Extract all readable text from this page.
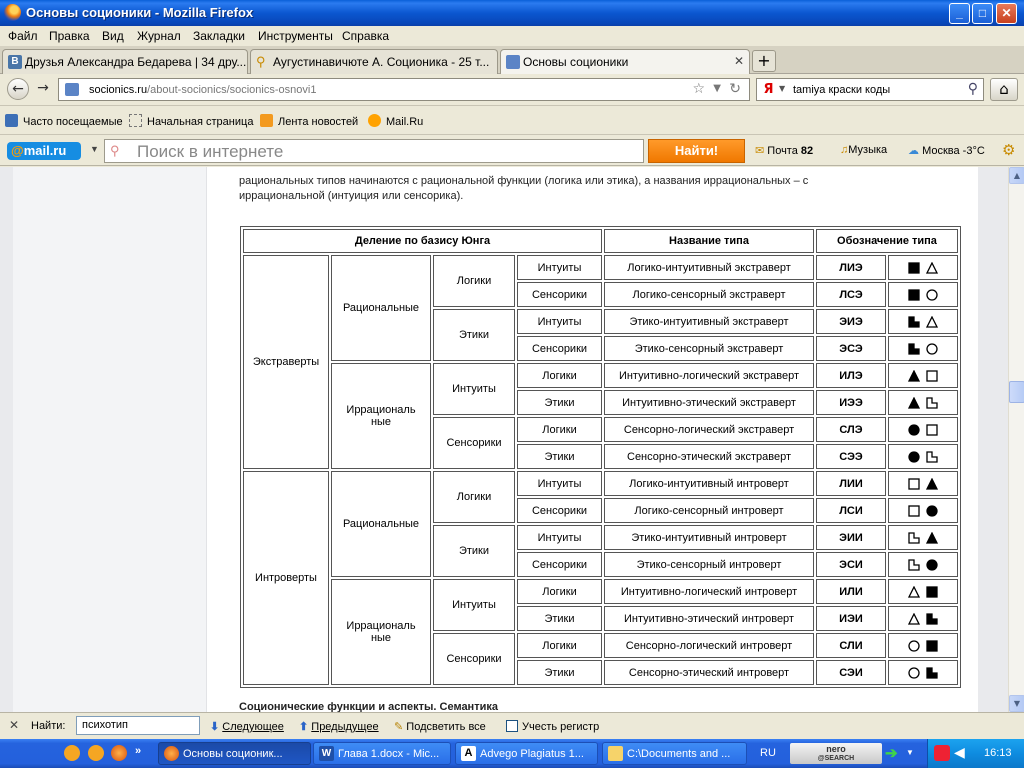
Основы соционики - Mozilla Firefox	_	□	✕
Файл Правка Вид Журнал Закладки Инструменты Справка
В Друзья Александра Бедарева | 34 дру... ⚲ Аугустинавичюте А. Соционика - 25 т...	Основы соционики	✕ +
← →	socionics.ru/about-socionics/socionics-osnovi1	☆ ▼ ↻ Я ▼ tamiya краски коды	⚲	⌂
Часто посещаемые	Начальная страница	Лента новостей	Mail.Ru
@mail.ru	▼ ⚲ Поиск в интернете	Найти!	✉ Почта 82 ♫Музыка ☁ Москва -3°C ⚙
рациональных типов начинаются с рациональной функции (логика или этика), а названия иррациональных – с
иррациональной (интуиция или сенсорика).
Деление по базису Юнга				Название типа	Обозначение типа	
Экстраверты	Рациональные	Логики	Интуиты	Логико-интуитивный экстраверт	ЛИЭ	
			Сенсорики	Логико-сенсорный экстраверт	ЛСЭ	
		Этики	Интуиты	Этико-интуитивный экстраверт	ЭИЭ	
			Сенсорики	Этико-сенсорный экстраверт	ЭСЭ	

	Иррациональ
ные	Интуиты	Логики	Интуитивно-логический экстраверт	ИЛЭ	
			Этики	Интуитивно-этический экстраверт	ИЭЭ	
		Сенсорики	Логики	Сенсорно-логический экстраверт	СЛЭ	
			Этики	Сенсорно-этический экстраверт	СЭЭ	
Интроверты	Рациональные	Логики	Интуиты	Логико-интуитивный интроверт	ЛИИ	
			Сенсорики	Логико-сенсорный интроверт	ЛСИ	
		Этики	Интуиты	Этико-интуитивный интроверт	ЭИИ	
			Сенсорики	Этико-сенсорный интроверт	ЭСИ	

	Иррациональ
ные	Интуиты	Логики	Интуитивно-логический интроверт	ИЛИ	
			Этики	Интуитивно-этический интроверт	ИЭИ	
		Сенсорики	Логики	Сенсорно-логический интроверт	СЛИ	
			Этики	Сенсорно-этический интроверт	СЭИ	
Соционические функции и аспекты. Семантика
▲
▼
✕ Найти:	психотип	⬇ Следующее ⬆ Предыдущее ✎ Подсветить все	Учесть регистр
»	Основы соционик...	W Глава 1.docx - Mic...	A Advego Plagiatus 1...	C:\Documents and ...	RU	nero
@SEARCH	➔ ▼	◀ 16:13
